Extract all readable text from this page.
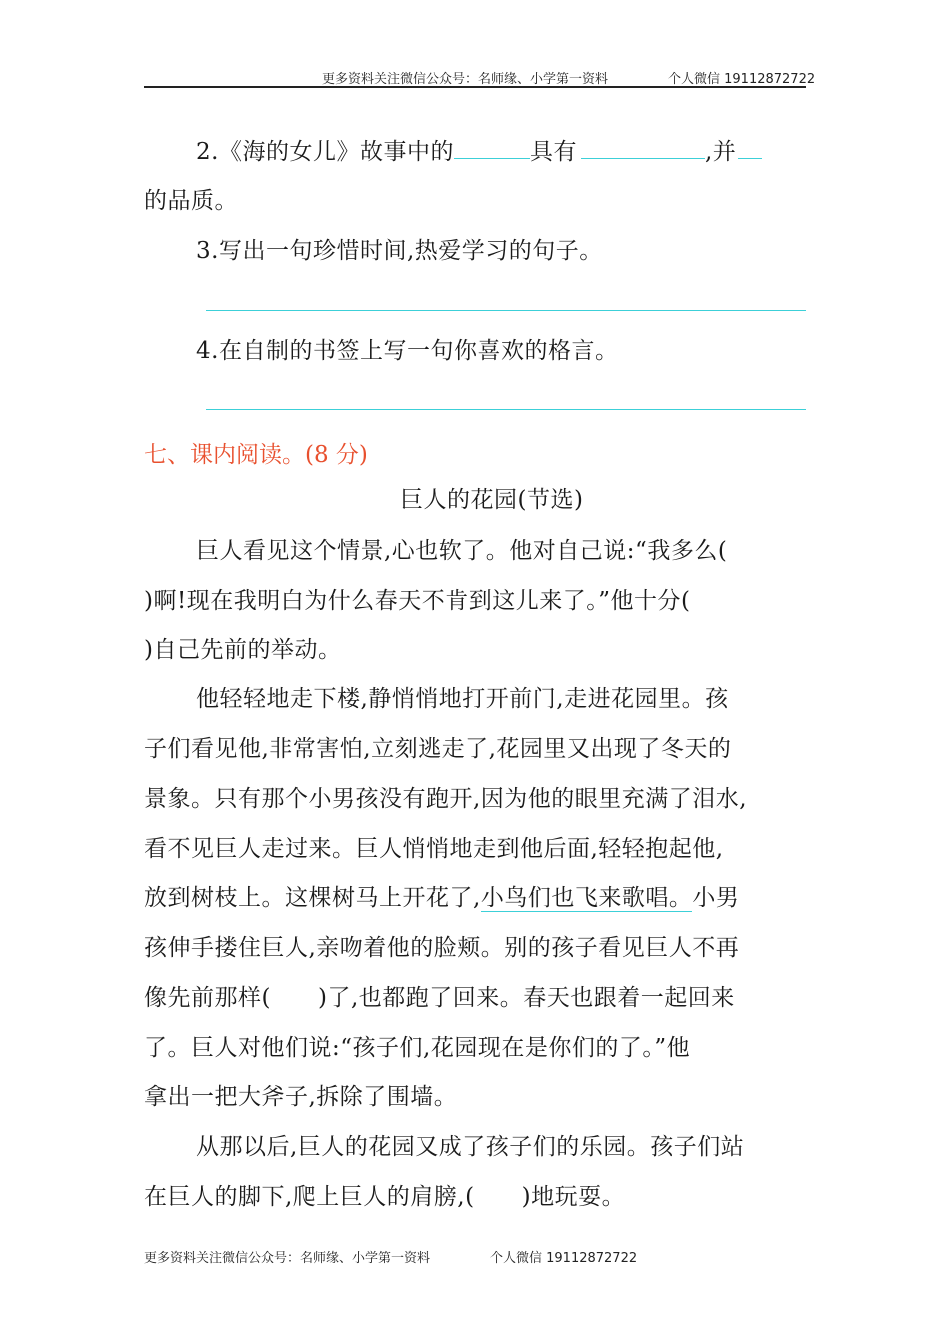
更多资料关注微信公众号：名师缘、小学第一资料	个人微信 19112872722
2.《海的女儿》故事中的	具有	,并
的品质。
3.写出一句珍惜时间,热爱学习的句子。
4.在自制的书签上写一句你喜欢的格言。
七、课内阅读。(8 分)
巨人的花园(节选)
巨人看见这个情景,心也软了。他对自己说:“我多么(
)啊!现在我明白为什么春天不肯到这儿来了。”他十分(
)自己先前的举动。
他轻轻地走下楼,静悄悄地打开前门,走进花园里。孩
子们看见他,非常害怕,立刻逃走了,花园里又出现了冬天的
景象。只有那个小男孩没有跑开,因为他的眼里充满了泪水,
看不见巨人走过来。巨人悄悄地走到他后面,轻轻抱起他,
放到树枝上。这棵树马上开花了,小鸟们也飞来歌唱。小男
孩伸手搂住巨人,亲吻着他的脸颊。别的孩子看见巨人不再
像先前那样(　　)了,也都跑了回来。春天也跟着一起回来
了。巨人对他们说:“孩子们,花园现在是你们的了。”他
拿出一把大斧子,拆除了围墙。
从那以后,巨人的花园又成了孩子们的乐园。孩子们站
在巨人的脚下,爬上巨人的肩膀,(　　)地玩耍。
更多资料关注微信公众号：名师缘、小学第一资料	个人微信 19112872722
